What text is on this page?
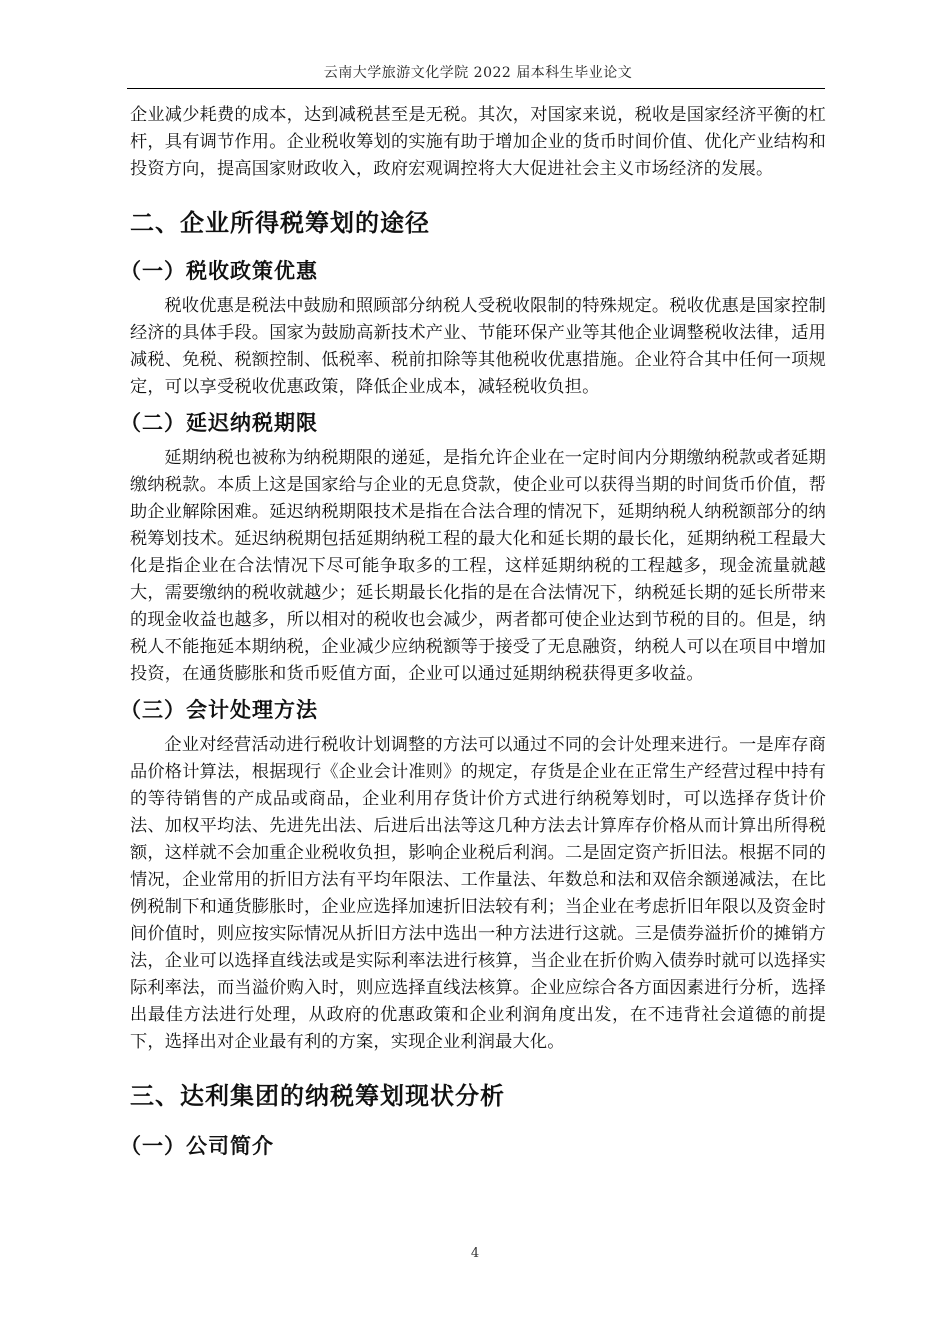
云南大学旅游文化学院 2022 届本科生毕业论文

企业减少耗费的成本，达到减税甚至是无税。其次，对国家来说，税收是国家经济平衡的杠杆，具有调节作用。企业税收筹划的实施有助于增加企业的货币时间价值、优化产业结构和投资方向，提高国家财政收入，政府宏观调控将大大促进社会主义市场经济的发展。

二、企业所得税筹划的途径
（一）税收政策优惠

税收优惠是税法中鼓励和照顾部分纳税人受税收限制的特殊规定。税收优惠是国家控制经济的具体手段。国家为鼓励高新技术产业、节能环保产业等其他企业调整税收法律，适用减税、免税、税额控制、低税率、税前扣除等其他税收优惠措施。企业符合其中任何一项规定，可以享受税收优惠政策，降低企业成本，减轻税收负担。

（二）延迟纳税期限

延期纳税也被称为纳税期限的递延，是指允许企业在一定时间内分期缴纳税款或者延期缴纳税款。本质上这是国家给与企业的无息贷款，使企业可以获得当期的时间货币价值，帮助企业解除困难。延迟纳税期限技术是指在合法合理的情况下，延期纳税人纳税额部分的纳税筹划技术。延迟纳税期包括延期纳税工程的最大化和延长期的最长化，延期纳税工程最大化是指企业在合法情况下尽可能争取多的工程，这样延期纳税的工程越多，现金流量就越大，需要缴纳的税收就越少；延长期最长化指的是在合法情况下，纳税延长期的延长所带来的现金收益也越多，所以相对的税收也会减少，两者都可使企业达到节税的目的。但是，纳税人不能拖延本期纳税，企业减少应纳税额等于接受了无息融资，纳税人可以在项目中增加投资，在通货膨胀和货币贬值方面，企业可以通过延期纳税获得更多收益。

（三）会计处理方法

企业对经营活动进行税收计划调整的方法可以通过不同的会计处理来进行。一是库存商品价格计算法，根据现行《企业会计准则》的规定，存货是企业在正常生产经营过程中持有的等待销售的产成品或商品，企业利用存货计价方式进行纳税筹划时，可以选择存货计价法、加权平均法、先进先出法、后进后出法等这几种方法去计算库存价格从而计算出所得税额，这样就不会加重企业税收负担，影响企业税后利润。二是固定资产折旧法。根据不同的情况，企业常用的折旧方法有平均年限法、工作量法、年数总和法和双倍余额递减法，在比例税制下和通货膨胀时，企业应选择加速折旧法较有利；当企业在考虑折旧年限以及资金时间价值时，则应按实际情况从折旧方法中选出一种方法进行这就。三是债券溢折价的摊销方法，企业可以选择直线法或是实际利率法进行核算，当企业在折价购入债券时就可以选择实际利率法，而当溢价购入时，则应选择直线法核算。企业应综合各方面因素进行分析，选择出最佳方法进行处理，从政府的优惠政策和企业利润角度出发，在不违背社会道德的前提下，选择出对企业最有利的方案，实现企业利润最大化。

三、达利集团的纳税筹划现状分析
（一）公司简介
4
